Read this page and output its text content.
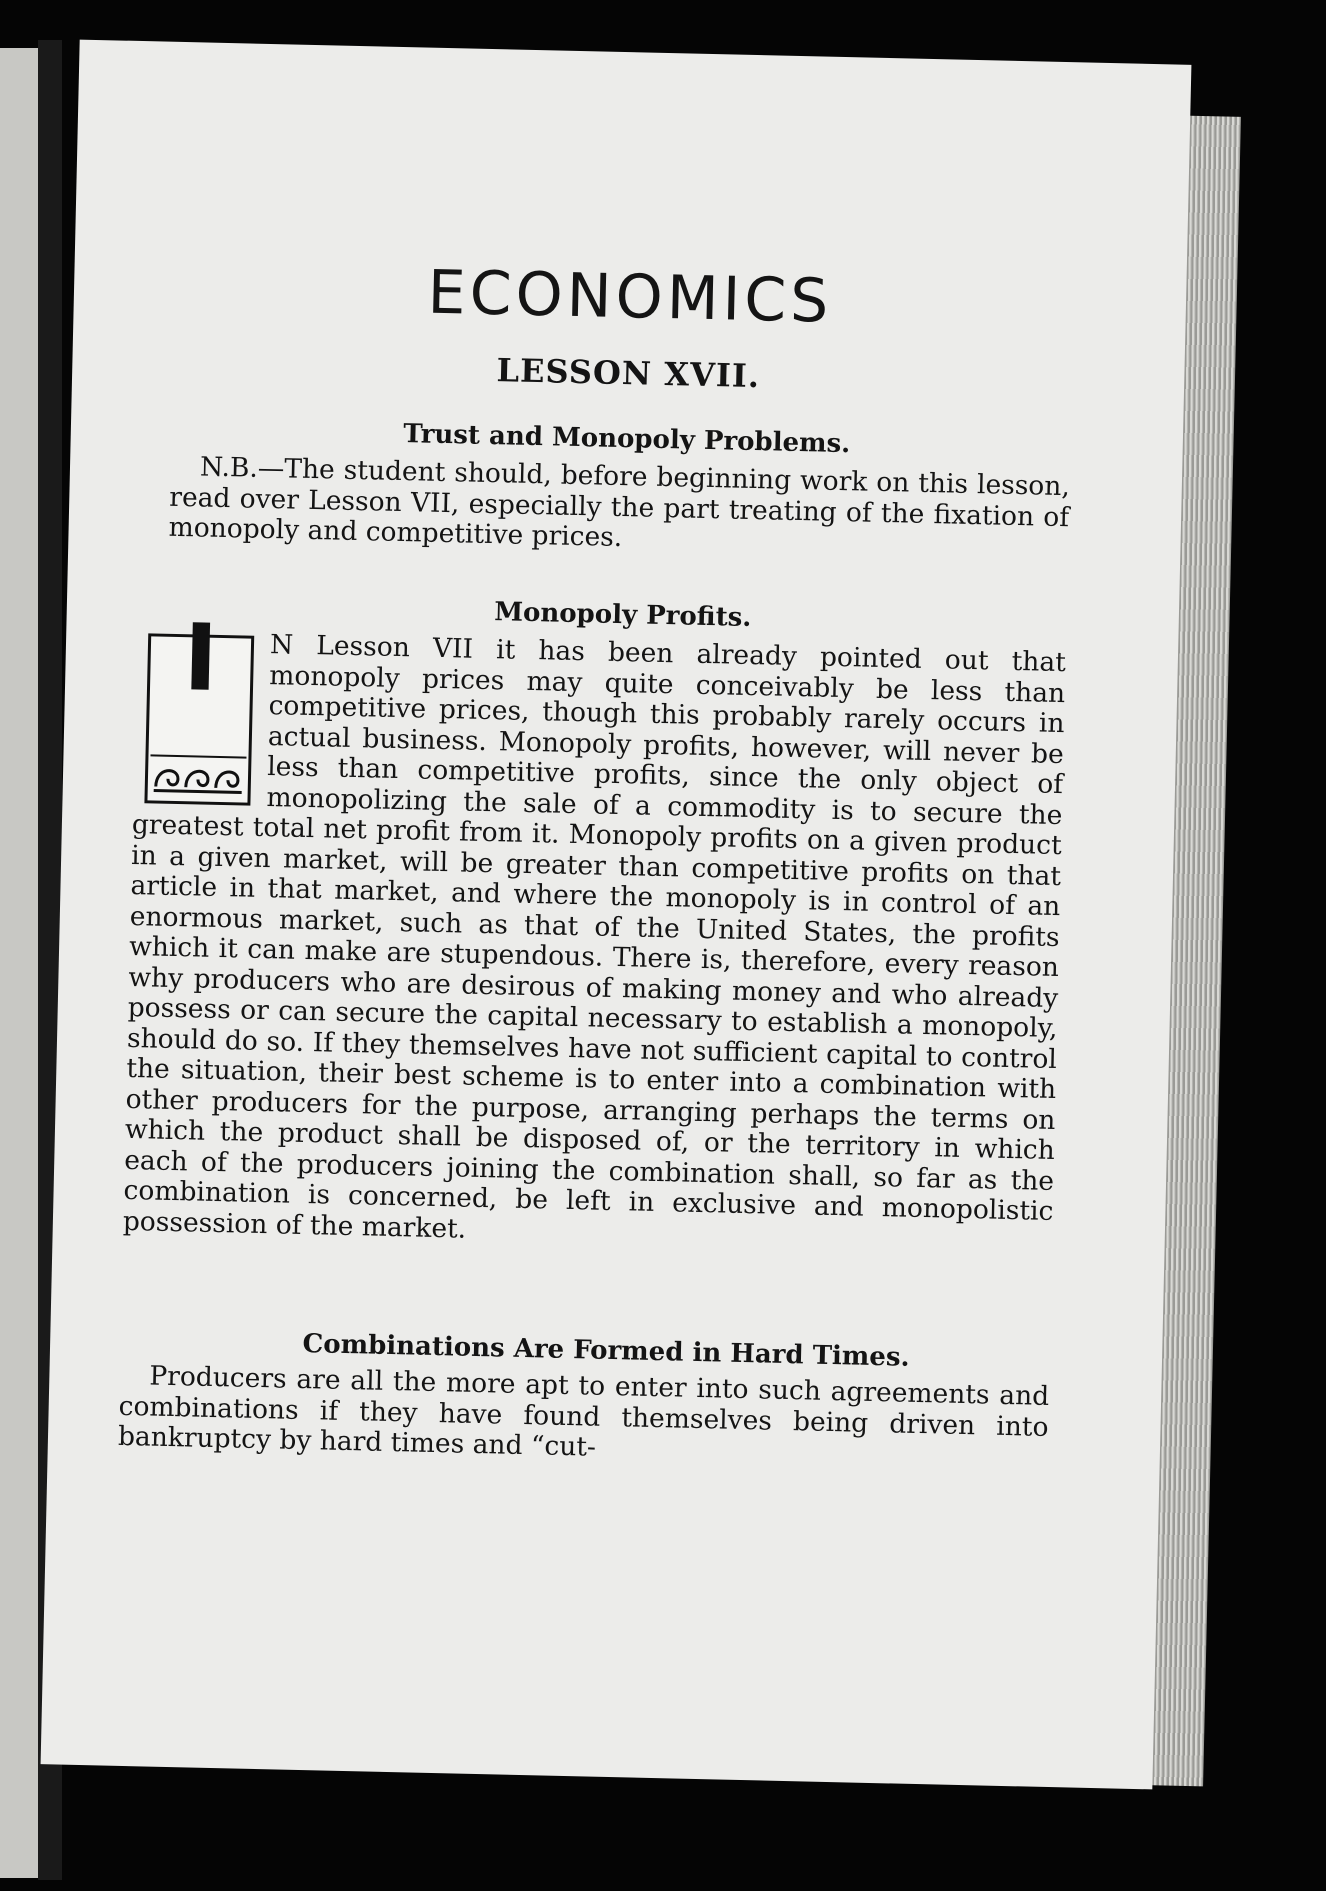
ECONOMICS
LESSON XVII.
Trust and Monopoly Problems.

N.B.—The student should, before beginning work on this lesson, read over Lesson VII, especially the part treating of the fixation of monopoly and competitive prices.

Monopoly Profits.
I	N Lesson VII it has been already pointed out that monopoly prices may quite conceivably be less than competitive prices, though this probably rarely occurs in actual business. Monopoly profits, however, will never be less than competitive profits, since the only object of monopolizing the sale of a commodity is to secure the greatest total net profit from it. Monopoly profits on a given product in a given market, will be greater than competitive profits on that article in that market, and where the monopoly is in control of an enormous market, such as that of the United States, the profits which it can make are stupendous. There is, therefore, every reason why producers who are desirous of making money and who already possess or can secure the capital necessary to establish a monopoly, should do so. If they themselves have not sufficient capital to control the situation, their best scheme is to enter into a combination with other producers for the purpose, arranging perhaps the terms on which the product shall be disposed of, or the territory in which each of the producers joining the combination shall, so far as the combination is concerned, be left in exclusive and monopolistic possession of the market.
Combinations Are Formed in Hard Times.

Producers are all the more apt to enter into such agreements and combinations if they have found themselves being driven into bankruptcy by hard times and “cut-
